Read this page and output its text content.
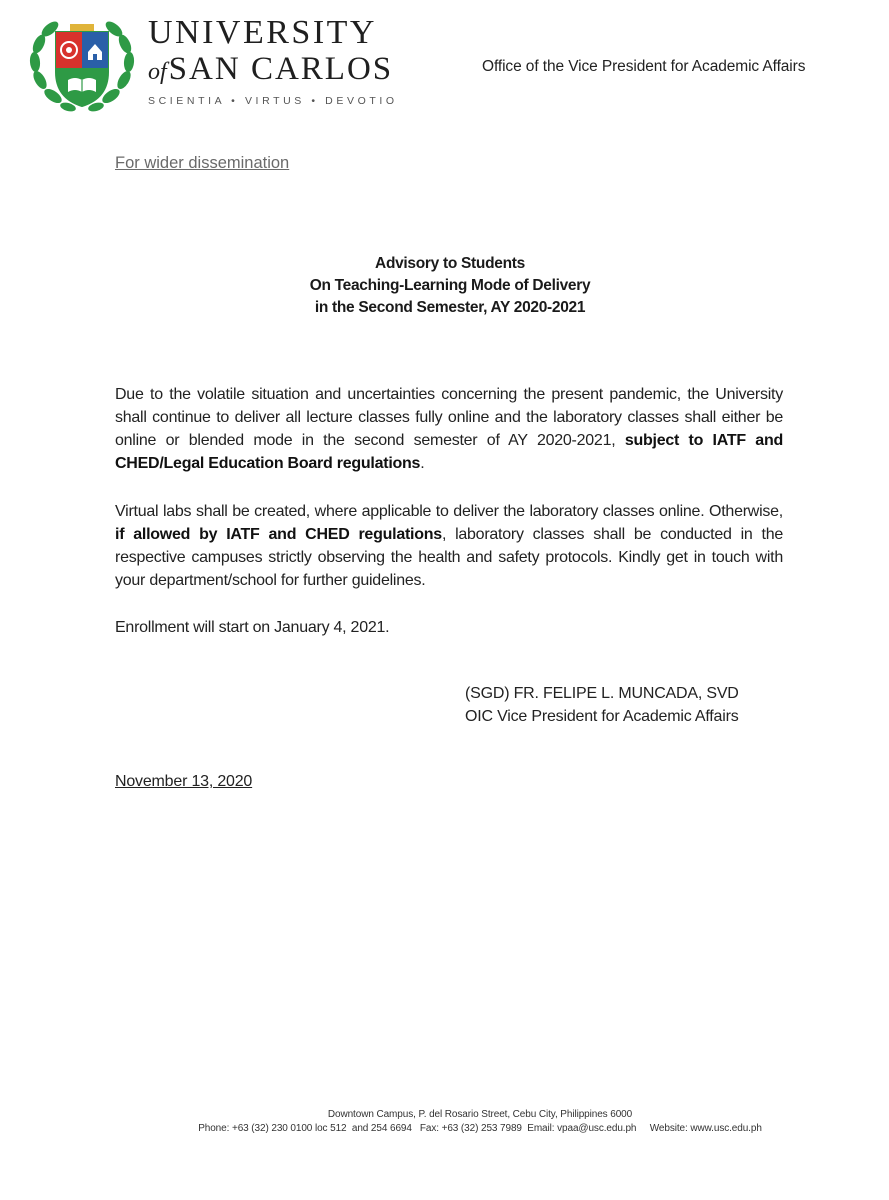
UNIVERSITY
ofSAN CARLOS
SCIENTIA • VIRTUS • DEVOTIO
Office of the Vice President for Academic Affairs
For wider dissemination
Advisory to Students
On Teaching-Learning Mode of Delivery
in the Second Semester, AY 2020-2021
Due to the volatile situation and uncertainties concerning the present pandemic, the University shall continue to deliver all lecture classes fully online and the laboratory classes shall either be online or blended mode in the second semester of AY 2020-2021, subject to IATF and CHED/Legal Education Board regulations.
Virtual labs shall be created, where applicable to deliver the laboratory classes online. Otherwise, if allowed by IATF and CHED regulations, laboratory classes shall be conducted in the respective campuses strictly observing the health and safety protocols. Kindly get in touch with your department/school for further guidelines.
Enrollment will start on January 4, 2021.
(SGD) FR. FELIPE L. MUNCADA, SVD
OIC Vice President for Academic Affairs
November 13, 2020
Downtown Campus, P. del Rosario Street, Cebu City, Philippines 6000
Phone: +63 (32) 230 0100 loc 512  and 254 6694   Fax: +63 (32) 253 7989  Email: vpaa@usc.edu.ph     Website: www.usc.edu.ph
